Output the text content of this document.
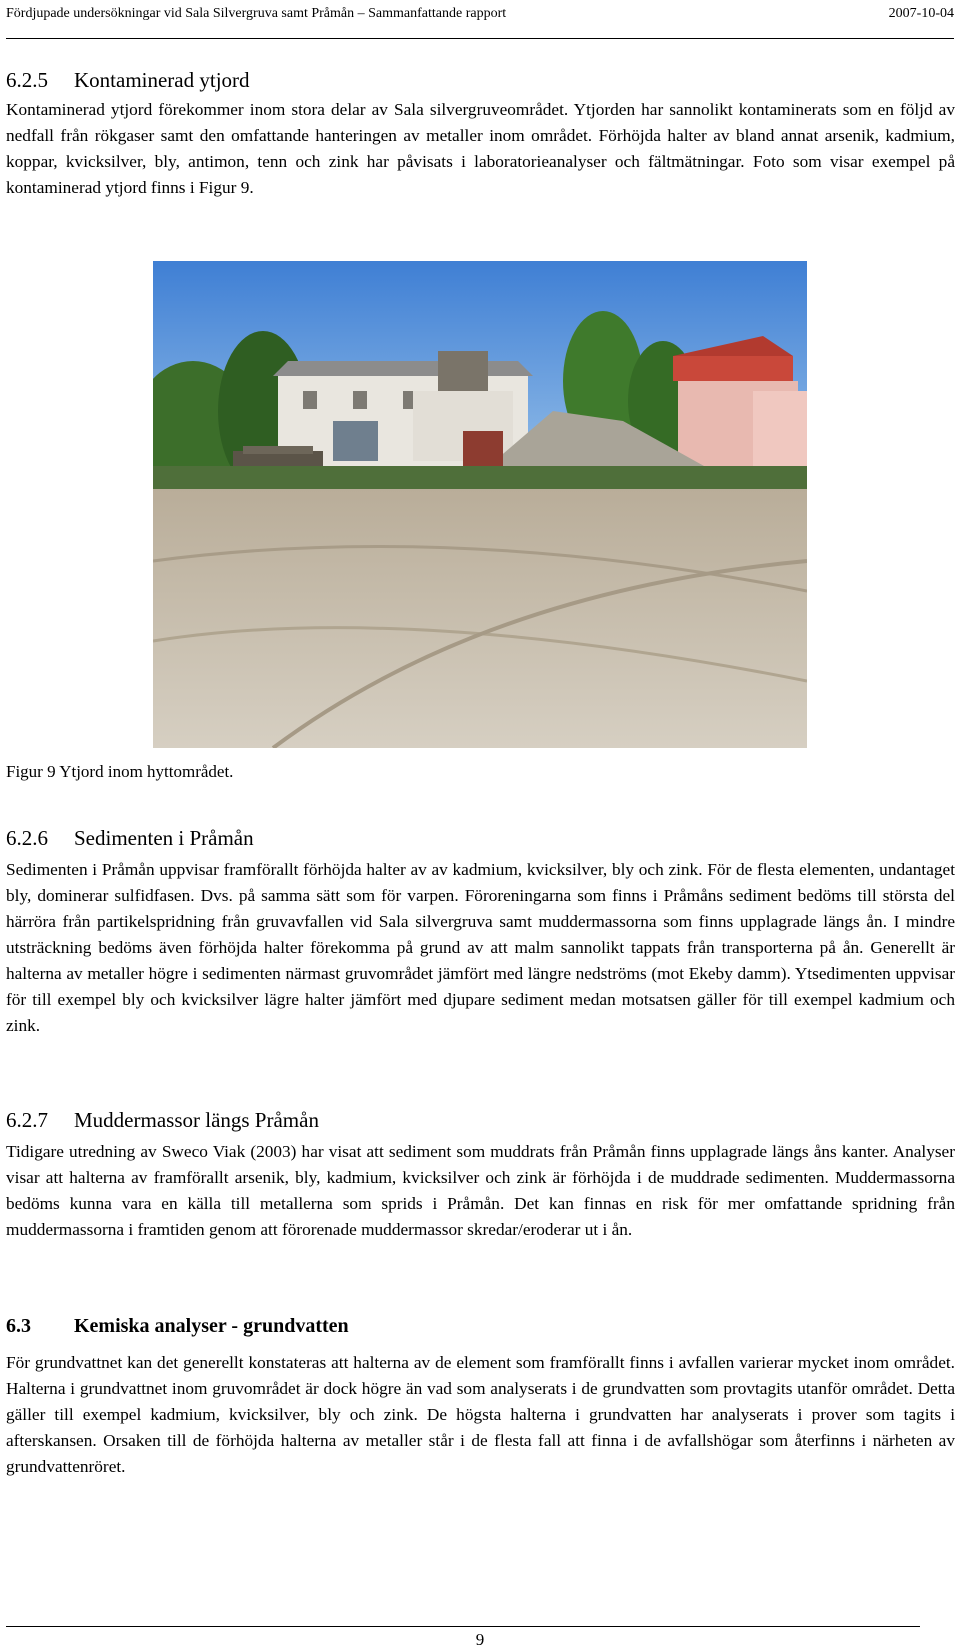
Fördjupade undersökningar vid Sala Silvergruva samt Pråmån – Sammanfattande rapport	2007-10-04
6.2.5 Kontaminerad ytjord

Kontaminerad ytjord förekommer inom stora delar av Sala silvergruveområdet. Ytjorden har sannolikt kontaminerats som en följd av nedfall från rökgaser samt den omfattande hanteringen av metaller inom området. Förhöjda halter av bland annat arsenik, kadmium, koppar, kvicksilver, bly, antimon, tenn och zink har påvisats i laboratorieanalyser och fältmätningar. Foto som visar exempel på kontaminerad ytjord finns i Figur 9.

Figur 9 Ytjord inom hyttområdet.
6.2.6 Sedimenten i Pråmån

Sedimenten i Pråmån uppvisar framförallt förhöjda halter av av kadmium, kvicksilver, bly och zink. För de flesta elementen, undantaget bly, dominerar sulfidfasen. Dvs. på samma sätt som för varpen. Föroreningarna som finns i Pråmåns sediment bedöms till största del härröra från partikelspridning från gruvavfallen vid Sala silvergruva samt muddermassorna som finns upplagrade längs ån. I mindre utsträckning bedöms även förhöjda halter förekomma på grund av att malm sannolikt tappats från transporterna på ån. Generellt är halterna av metaller högre i sedimenten närmast gruvområdet jämfört med längre nedströms (mot Ekeby damm). Ytsedimenten uppvisar för till exempel bly och kvicksilver lägre halter jämfört med djupare sediment medan motsatsen gäller för till exempel kadmium och zink.

6.2.7 Muddermassor längs Pråmån

Tidigare utredning av Sweco Viak (2003) har visat att sediment som muddrats från Pråmån finns upplagrade längs åns kanter. Analyser visar att halterna av framförallt arsenik, bly, kadmium, kvicksilver och zink är förhöjda i de muddrade sedimenten. Muddermassorna bedöms kunna vara en källa till metallerna som sprids i Pråmån. Det kan finnas en risk för mer omfattande spridning från muddermassorna i framtiden genom att förorenade muddermassor skredar/eroderar ut i ån.

6.3 Kemiska analyser - grundvatten

För grundvattnet kan det generellt konstateras att halterna av de element som framförallt finns i avfallen varierar mycket inom området. Halterna i grundvattnet inom gruvområdet är dock högre än vad som analyserats i de grundvatten som provtagits utanför området. Detta gäller till exempel kadmium, kvicksilver, bly och zink. De högsta halterna i grundvatten har analyserats i prover som tagits i afterskansen. Orsaken till de förhöjda halterna av metaller står i de flesta fall att finna i de avfallshögar som återfinns i närheten av grundvattenröret.

9
